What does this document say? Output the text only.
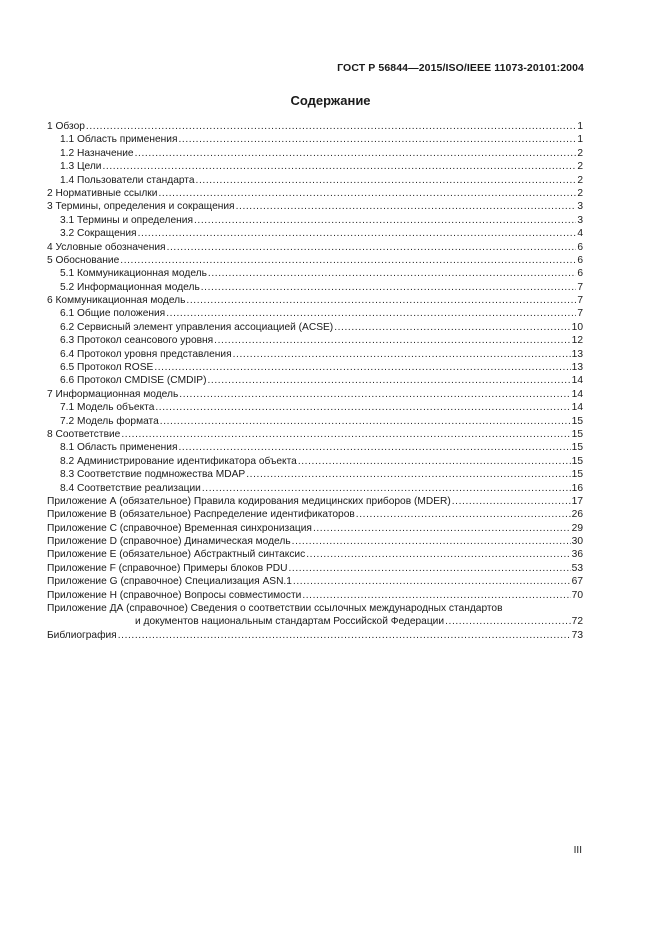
ГОСТ Р 56844—2015/ISO/IEEE 11073-20101:2004
Содержание
1 Обзор .....	1
1.1 Область применения .....	1
1.2 Назначение .....	2
1.3 Цели .....	2
1.4 Пользователи стандарта .....	2
2 Нормативные ссылки .....	2
3 Термины, определения и сокращения .....	3
3.1 Термины и определения .....	3
3.2 Сокращения .....	4
4 Условные обозначения .....	6
5 Обоснование .....	6
5.1 Коммуникационная модель .....	6
5.2 Информационная модель .....	7
6 Коммуникационная модель .....	7
6.1 Общие положения .....	7
6.2 Сервисный элемент управления ассоциацией (ACSE) .....	10
6.3 Протокол сеансового уровня .....	12
6.4 Протокол уровня представления .....	13
6.5 Протокол ROSE .....	13
6.6 Протокол CMDISE (CMDIP) .....	14
7 Информационная модель .....	14
7.1 Модель объекта .....	14
7.2 Модель формата .....	15
8 Соответствие .....	15
8.1 Область применения .....	15
8.2 Администрирование идентификатора объекта .....	15
8.3 Соответствие подмножества MDAP .....	15
8.4 Соответствие реализации .....	16
Приложение А (обязательное) Правила кодирования медицинских приборов (MDER) .....	17
Приложение В (обязательное) Распределение идентификаторов .....	26
Приложение С (справочное) Временная синхронизация .....	29
Приложение D (справочное) Динамическая модель .....	30
Приложение Е (обязательное) Абстрактный синтаксис .....	36
Приложение F (справочное) Примеры блоков PDU .....	53
Приложение G (справочное) Специализация ASN.1 .....	67
Приложение Н (справочное) Вопросы совместимости .....	70
Приложение ДА (справочное) Сведения о соответствии ссылочных международных стандартов
и документов национальным стандартам Российской Федерации .....	72
Библиография .....	73
III
